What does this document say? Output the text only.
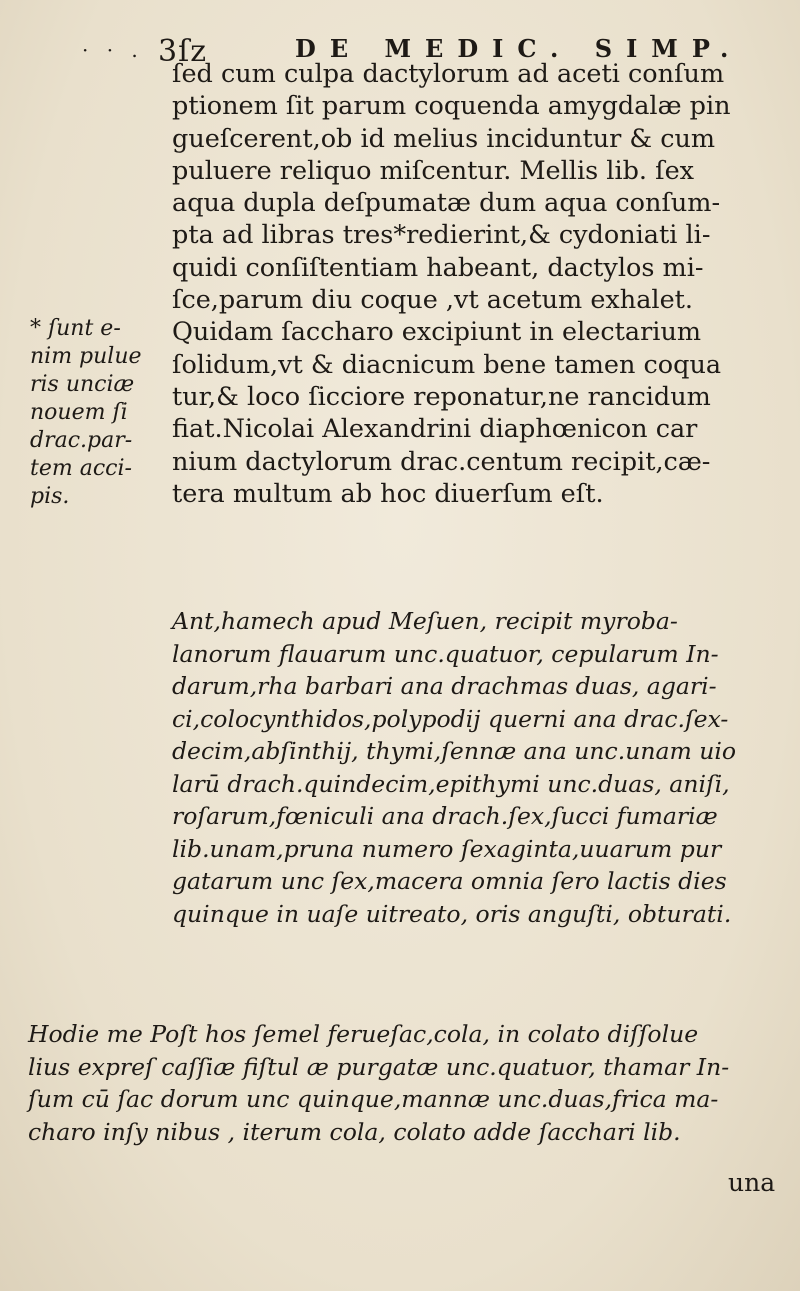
· · . 3ſz	DE MEDIC. SIMP.
* ſunt e-
nim pulue
ris unciæ
nouem ſi
drac.par-
tem acci-
pis.
ſed cum culpa dactylorum ad aceti conſum
ptionem ſit parum coquenda amygdalæ pin
gueſcerent,ob id melius inciduntur & cum
puluere reliquo miſcentur. Mellis lib. ſex
aqua dupla deſpumatæ dum aqua conſum-
pta ad libras tres*redierint,& cydoniati li-
quidi conſiſtentiam habeant, dactylos mi-
ſce,parum diu coque ,vt acetum exhalet.
Quidam ſaccharo excipiunt in electarium
ſolidum,vt & diacnicum bene tamen coqua
tur,& loco ſicciore reponatur,ne rancidum
fiat.Nicolai Alexandrini diaphœnicon car
nium dactylorum drac.centum recipit,cæ-
tera multum ab hoc diuerſum eſt.
Ant,hamech apud Meſuen, recipit myroba-
lanorum flauarum unc.quatuor, cepularum In-
darum,rha barbari ana drachmas duas, agari-
ci,colocynthidos,polypodij querni ana drac.ſex-
decim,abſinthij, thymi,ſennæ ana unc.unam uio
larū drach.quindecim,epithymi unc.duas, aniſi,
roſarum,fœniculi ana drach.ſex,ſucci fumariæ
lib.unam,pruna numero ſexaginta,uuarum pur
gatarum unc ſex,macera omnia ſero lactis dies
quinque in uaſe uitreato, oris anguſti, obturati.
Hodie me Poſt hos ſemel ferueſac,cola, in colato diſſolue
lius expreſ caſſiæ fiſtul æ purgatæ unc.quatuor, thamar In-
ſum cū ſac dorum unc quinque,mannæ unc.duas,frica ma-
charo inſy nibus , iterum cola, colato adde ſacchari lib.
una
